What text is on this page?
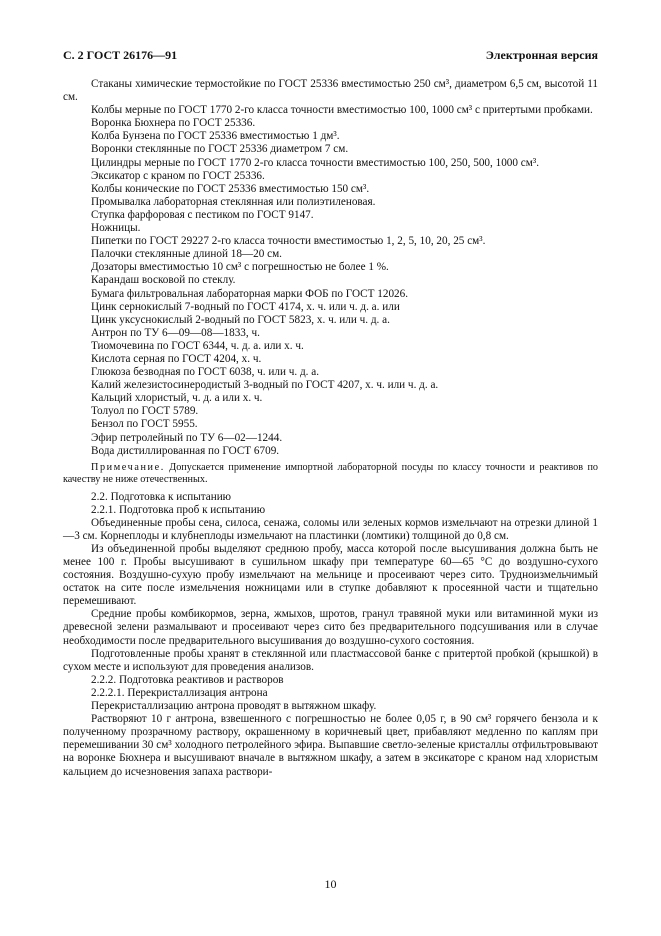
С. 2 ГОСТ 26176—91	Электронная версия

Стаканы химические термостойкие по ГОСТ 25336 вместимостью 250 см³, диаметром 6,5 см, высотой 11 см.

Колбы мерные по ГОСТ 1770 2-го класса точности вместимостью 100, 1000 см³ с притертыми пробками.

Воронка Бюхнера по ГОСТ 25336.

Колба Бунзена по ГОСТ 25336 вместимостью 1 дм³.

Воронки стеклянные по ГОСТ 25336 диаметром 7 см.

Цилиндры мерные по ГОСТ 1770 2-го класса точности вместимостью 100, 250, 500, 1000 см³.

Эксикатор с краном по ГОСТ 25336.

Колбы конические по ГОСТ 25336 вместимостью 150 см³.

Промывалка лабораторная стеклянная или полиэтиленовая.

Ступка фарфоровая с пестиком по ГОСТ 9147.

Ножницы.

Пипетки по ГОСТ 29227 2-го класса точности вместимостью 1, 2, 5, 10, 20, 25 см³.

Палочки стеклянные длиной 18—20 см.

Дозаторы вместимостью 10 см³ с погрешностью не более 1 %.

Карандаш восковой по стеклу.

Бумага фильтровальная лабораторная марки ФОБ по ГОСТ 12026.

Цинк сернокислый 7-водный по ГОСТ 4174, х. ч. или ч. д. а. или

Цинк уксуснокислый 2-водный по ГОСТ 5823, х. ч. или ч. д. а.

Антрон по ТУ 6—09—08—1833, ч.

Тиомочевина по ГОСТ 6344, ч. д. а. или х. ч.

Кислота серная по ГОСТ 4204, х. ч.

Глюкоза безводная по ГОСТ 6038, ч. или ч. д. а.

Калий железистосинеродистый 3-водный по ГОСТ 4207, х. ч. или ч. д. а.

Кальций хлористый, ч. д. а или х. ч.

Толуол по ГОСТ 5789.

Бензол по ГОСТ 5955.

Эфир петролейный по ТУ 6—02—1244.

Вода дистиллированная по ГОСТ 6709.

Примечание. Допускается применение импортной лабораторной посуды по классу точности и реактивов по качеству не ниже отечественных.

2.2. Подготовка к испытанию

2.2.1. Подготовка проб к испытанию

Объединенные пробы сена, силоса, сенажа, соломы или зеленых кормов измельчают на отрезки длиной 1—3 см. Корнеплоды и клубнеплоды измельчают на пластинки (ломтики) толщиной до 0,8 см.

Из объединенной пробы выделяют среднюю пробу, масса которой после высушивания должна быть не менее 100 г. Пробы высушивают в сушильном шкафу при температуре 60—65 °С до воздушно-сухого состояния. Воздушно-сухую пробу измельчают на мельнице и просеивают через сито. Трудноизмельчимый остаток на сите после измельчения ножницами или в ступке добавляют к просеянной части и тщательно перемешивают.

Средние пробы комбикормов, зерна, жмыхов, шротов, гранул травяной муки или витаминной муки из древесной зелени размалывают и просеивают через сито без предварительного подсушивания или в случае необходимости после предварительного высушивания до воздушно-сухого состояния.

Подготовленные пробы хранят в стеклянной или пластмассовой банке с притертой пробкой (крышкой) в сухом месте и используют для проведения анализов.

2.2.2. Подготовка реактивов и растворов

2.2.2.1. Перекристаллизация антрона

Перекристаллизацию антрона проводят в вытяжном шкафу.

Растворяют 10 г антрона, взвешенного с погрешностью не более 0,05 г, в 90 см³ горячего бензола и к полученному прозрачному раствору, окрашенному в коричневый цвет, прибавляют медленно по каплям при перемешивании 30 см³ холодного петролейного эфира. Выпавшие светло-зеленые кристаллы отфильтровывают на воронке Бюхнера и высушивают вначале в вытяжном шкафу, а затем в эксикаторе с краном над хлористым кальцием до исчезновения запаха раствори-

10
